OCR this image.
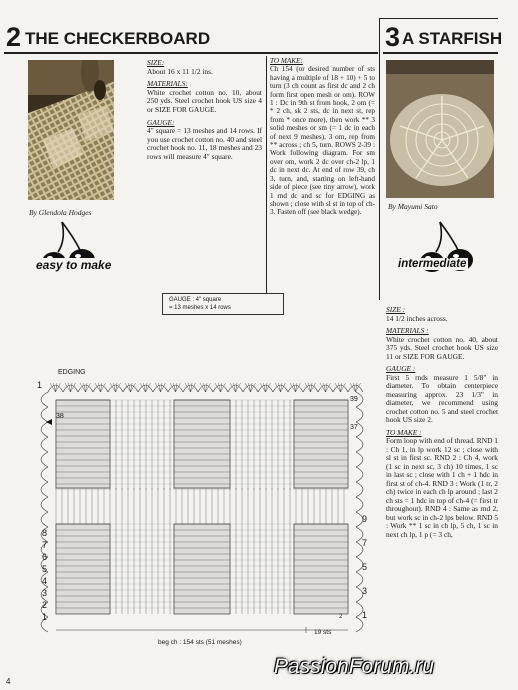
2 THE CHECKERBOARD	3 A STARFISH
By Glendola Hodges

SIZE:
About 16 x 11 1/2 ins.

MATERIALS:
White crochet cotton no. 10, about 250 yds. Steel crochet hook US size 4 or SIZE FOR GAUGE.

GAUGE:
4" square = 13 meshes and 14 rows. If you use crochet cotton no. 40 and steel crochet hook no. 11, 18 meshes and 23 rows will measure 4" square.

TO MAKE:
Ch 154 (or desired number of sts having a multiple of 18 + 10) + 5 to turn (3 ch count as first dc and 2 ch form first open mesh or om). ROW 1 : Dc in 9th st from hook, 2 om (= * 2 ch, sk 2 sts, dc in next st, rep from * once more), then work ** 3 solid meshes or sm (= 1 dc in each of next 9 meshes), 3 om, rep from ** across ; ch 5, turn. ROWS 2-39 : Work following diagram. For sm over om, work 2 dc over ch-2 lp, 1 dc in next dc. At end of row 39, ch 3, turn, and, starting on left-hand side of piece (see tiny arrow), work 1 rnd dc and sc for EDGING as shown ; close with sl st in top of ch-3. Fasten off (see black wedge).

easy to make
By Mayumi Sato
intermediate

SIZE :
14 1/2 inches across.

MATERIALS :
White crochet cotton no. 40, about 375 yds. Steel crochet hook US size 11 or SIZE FOR GAUGE.

GAUGE :
First 5 rnds measure 1 5/8" in diameter. To obtain centerpiece measuring approx. 23 1/3" in diameter, we recommend using crochet cotton no. 5 and steel crochet hook US size 2.

TO MAKE :
Form loop with end of thread. RND 1 : Ch 1, in lp work 12 sc ; close with sl st in first sc. RND 2 : Ch 4, work (1 sc in next sc, 3 ch) 10 times, 1 sc in last sc ; close with 1 ch + 1 hdc in first st of ch-4. RND 3 : Work (1 tr, 2 ch) twice in each ch lp around ; last 2 ch sts = 1 hdc in top of ch-4 (= first tr throughout). RND 4 : Same as rnd 2, but work sc in ch-2 lps below. RND 5 : Work ** 1 sc in ch lp, 5 ch, 1 sc in next ch lp, 1 p (= 3 ch,

GAUGE : 4" square
= 13 meshes x 14 rows
EDGING
1
39
38
37
8
7
6
5
4
3
2
1
9
7
5
3
1
2
19 sts
beg ch : 154 sts (51 meshes)
4
PassionForum.ru
